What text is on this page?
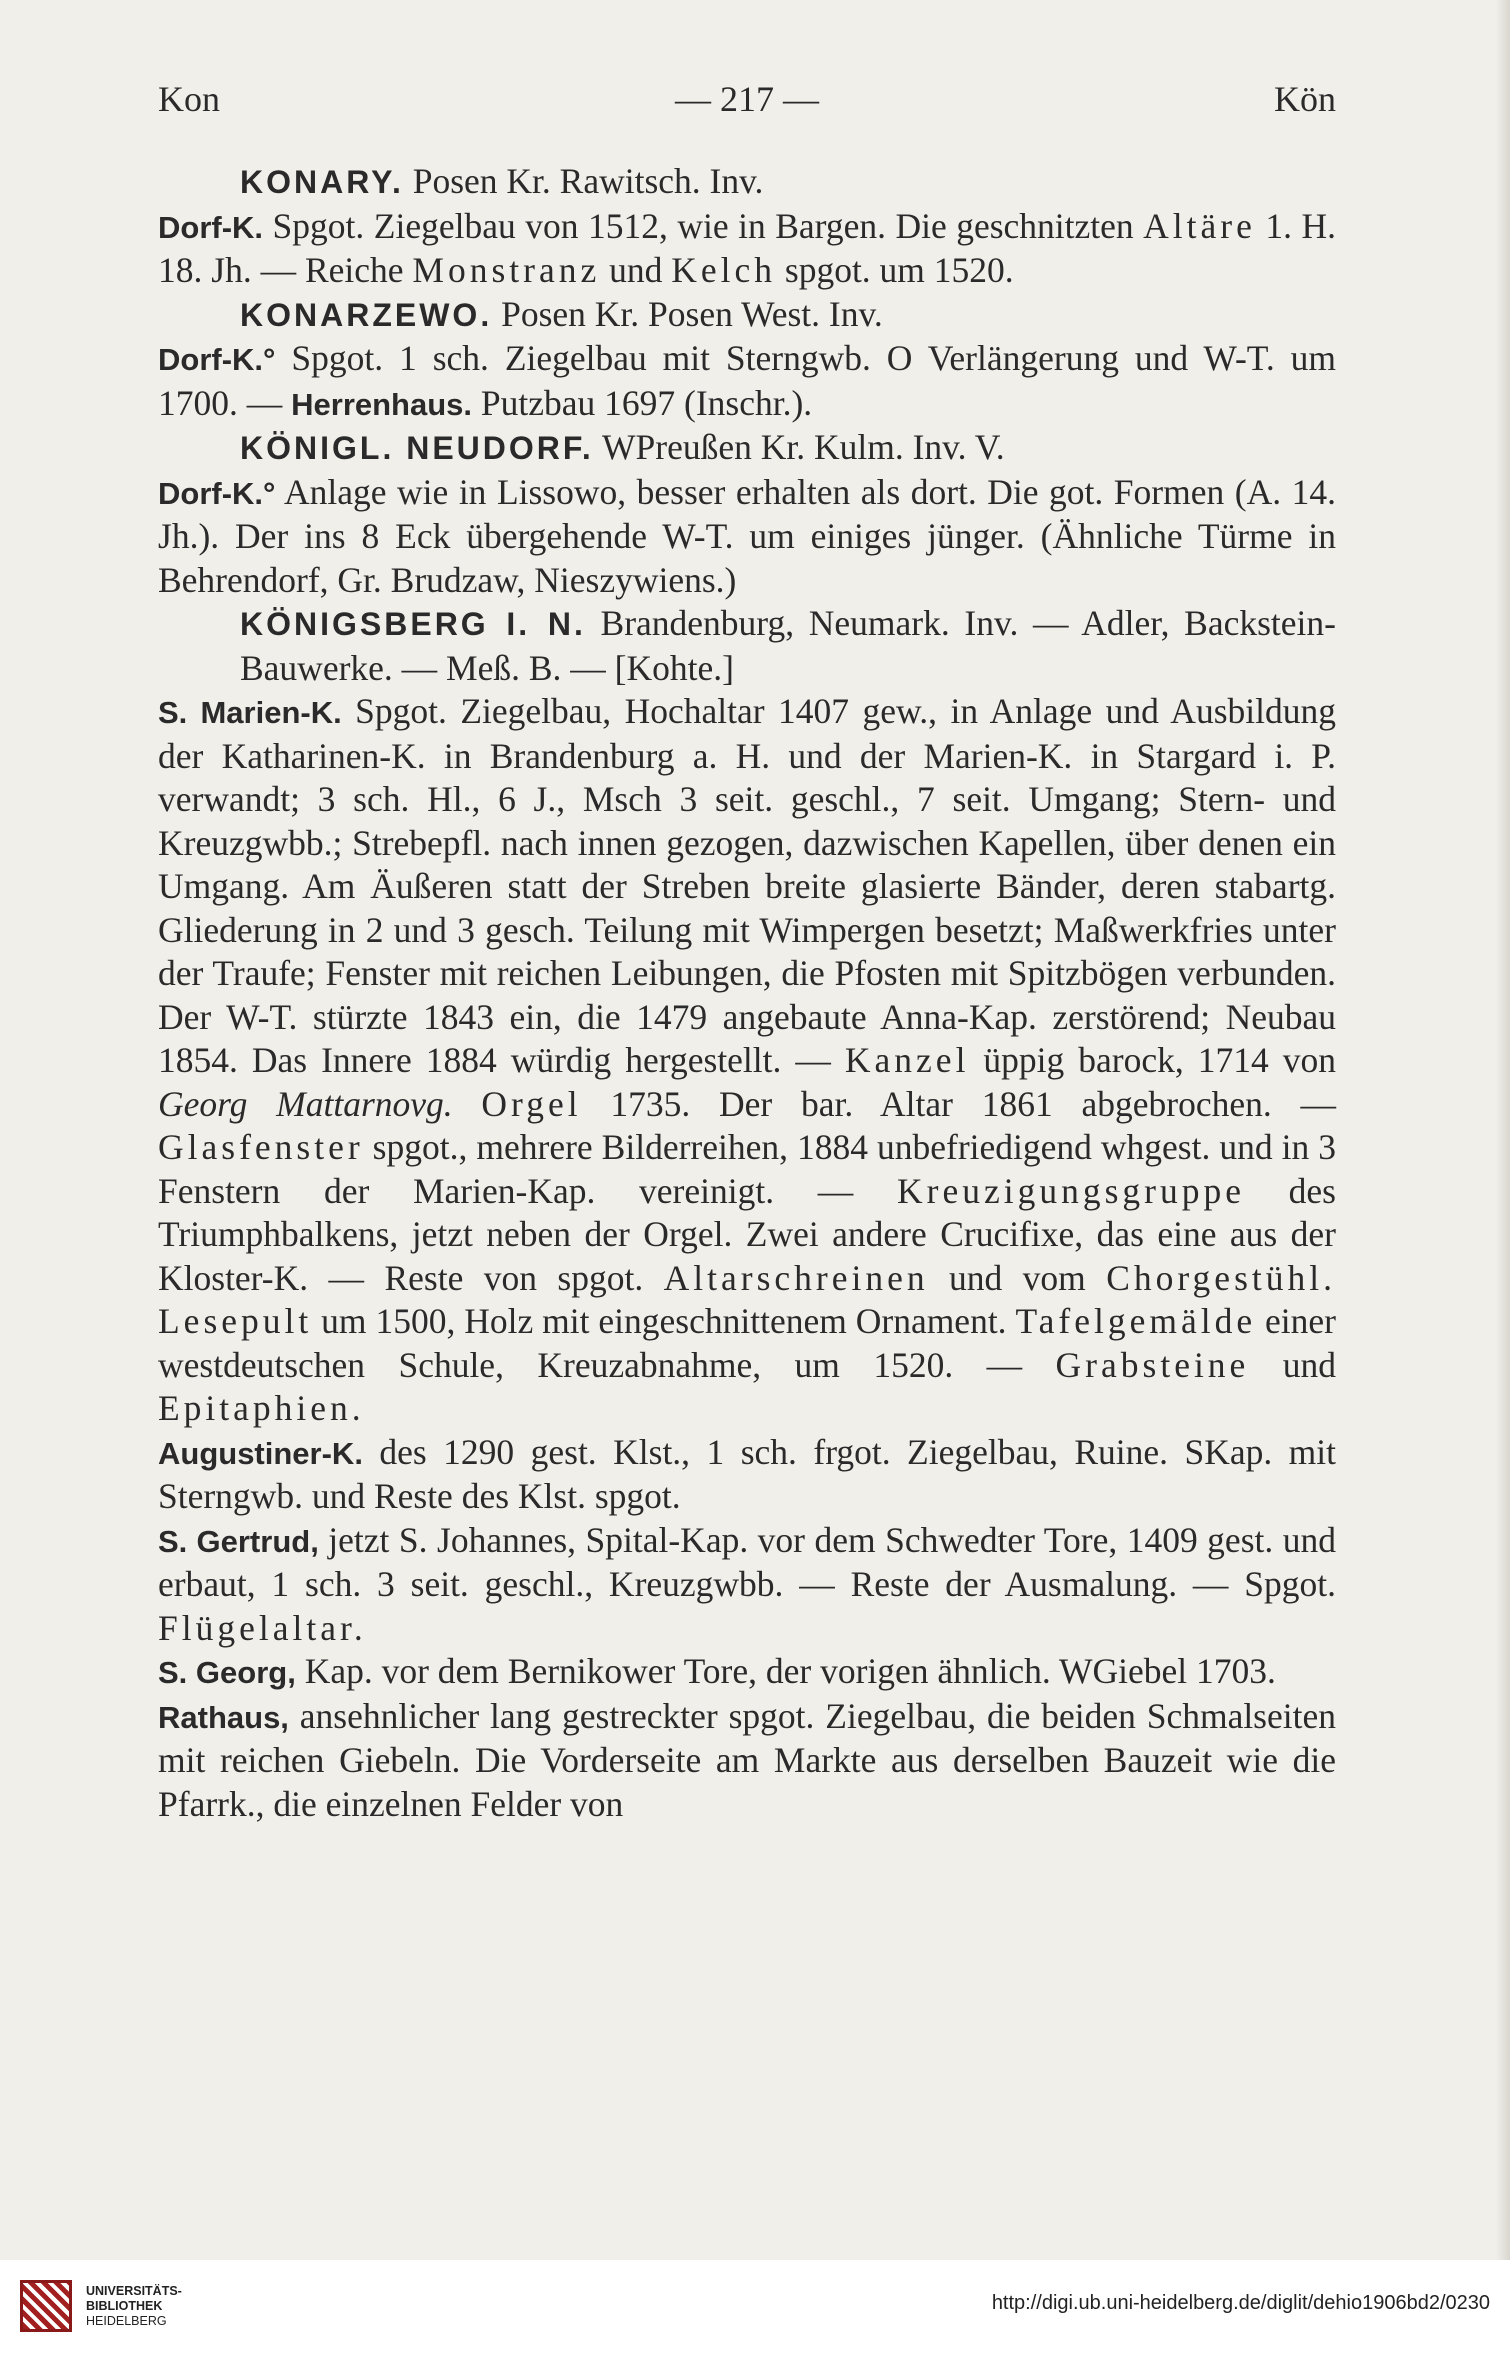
Kon	— 217 —	Kön

KONARY. Posen Kr. Rawitsch. Inv.

Dorf-K. Spgot. Ziegelbau von 1512, wie in Bargen. Die geschnitzten Altäre 1. H. 18. Jh. — Reiche Monstranz und Kelch spgot. um 1520.

KONARZEWO. Posen Kr. Posen West. Inv.

Dorf-K.° Spgot. 1 sch. Ziegelbau mit Sterngwb. O Verlängerung und W-T. um 1700. — Herrenhaus. Putzbau 1697 (Inschr.).

KÖNIGL. NEUDORF. WPreußen Kr. Kulm. Inv. V.

Dorf-K.° Anlage wie in Lissowo, besser erhalten als dort. Die got. Formen (A. 14. Jh.). Der ins 8 Eck übergehende W-T. um einiges jünger. (Ähnliche Türme in Behrendorf, Gr. Brudzaw, Nieszywiens.)

KÖNIGSBERG I. N. Brandenburg, Neumark. Inv. — Adler, Backstein-Bauwerke. — Meß. B. — [Kohte.]

S. Marien-K. Spgot. Ziegelbau, Hochaltar 1407 gew., in Anlage und Ausbildung der Katharinen-K. in Brandenburg a. H. und der Marien-K. in Stargard i. P. verwandt; 3 sch. Hl., 6 J., Msch 3 seit. geschl., 7 seit. Umgang; Stern- und Kreuzgwbb.; Strebepfl. nach innen gezogen, dazwischen Kapellen, über denen ein Umgang. Am Äußeren statt der Streben breite glasierte Bänder, deren stabartg. Gliederung in 2 und 3 gesch. Teilung mit Wimpergen besetzt; Maßwerkfries unter der Traufe; Fenster mit reichen Leibungen, die Pfosten mit Spitzbögen verbunden. Der W-T. stürzte 1843 ein, die 1479 angebaute Anna-Kap. zerstörend; Neubau 1854. Das Innere 1884 würdig hergestellt. — Kanzel üppig barock, 1714 von Georg Mattarnovg. Orgel 1735. Der bar. Altar 1861 abgebrochen. — Glasfenster spgot., mehrere Bilderreihen, 1884 unbefriedigend whgest. und in 3 Fenstern der Marien-Kap. vereinigt. — Kreuzigungsgruppe des Triumphbalkens, jetzt neben der Orgel. Zwei andere Crucifixe, das eine aus der Kloster-K. — Reste von spgot. Altarschreinen und vom Chorgestühl. Lesepult um 1500, Holz mit eingeschnittenem Ornament. Tafelgemälde einer westdeutschen Schule, Kreuzabnahme, um 1520. — Grabsteine und Epitaphien.

Augustiner-K. des 1290 gest. Klst., 1 sch. frgot. Ziegelbau, Ruine. SKap. mit Sterngwb. und Reste des Klst. spgot.

S. Gertrud, jetzt S. Johannes, Spital-Kap. vor dem Schwedter Tore, 1409 gest. und erbaut, 1 sch. 3 seit. geschl., Kreuzgwbb. — Reste der Ausmalung. — Spgot. Flügelaltar.

S. Georg, Kap. vor dem Bernikower Tore, der vorigen ähnlich. WGiebel 1703.

Rathaus, ansehnlicher lang gestreckter spgot. Ziegelbau, die beiden Schmalseiten mit reichen Giebeln. Die Vorderseite am Markte aus derselben Bauzeit wie die Pfarrk., die einzelnen Felder von

UNIVERSITÄTS-
BIBLIOTHEK
HEIDELBERG
http://digi.ub.uni-heidelberg.de/diglit/dehio1906bd2/0230
